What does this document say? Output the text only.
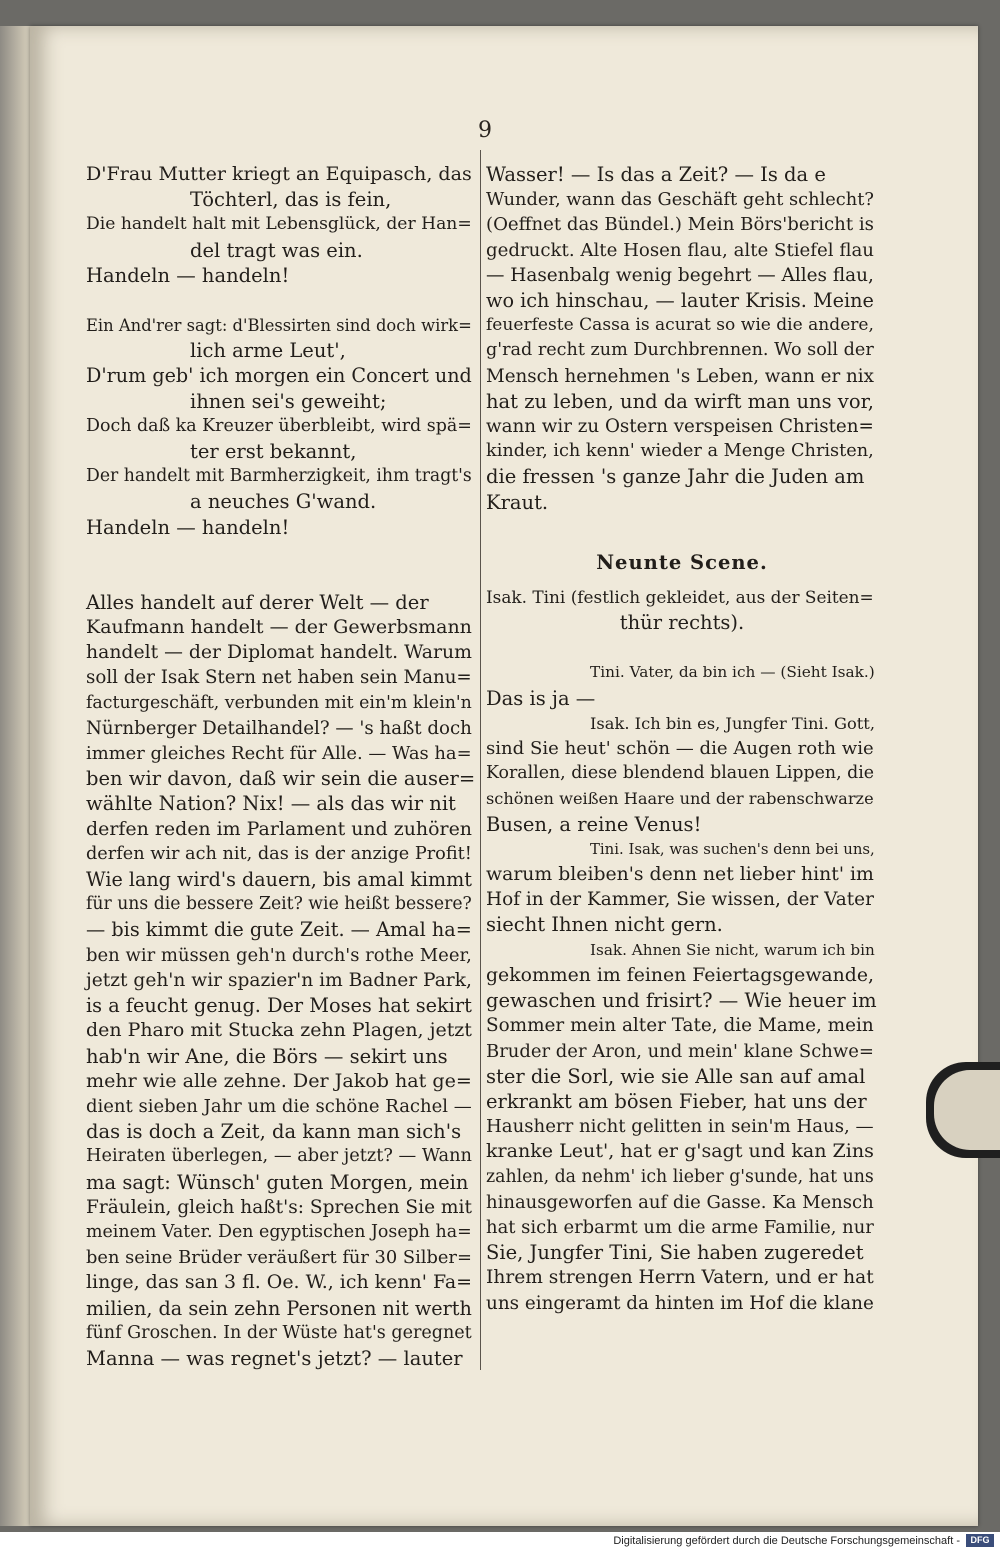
9
D'Frau Mutter kriegt an Equipasch, das
Töchterl, das is fein,
Die handelt halt mit Lebensglück, der Han=
del tragt was ein.
Handeln — handeln!
Ein And'rer sagt: d'Blessirten sind doch wirk=
lich arme Leut',
D'rum geb' ich morgen ein Concert und
ihnen sei's geweiht;
Doch daß ka Kreuzer überbleibt, wird spä=
ter erst bekannt,
Der handelt mit Barmherzigkeit, ihm tragt's
a neuches G'wand.
Handeln — handeln!
Alles handelt auf derer Welt — der
Kaufmann handelt — der Gewerbsmann
handelt — der Diplomat handelt. Warum
soll der Isak Stern net haben sein Manu=
facturgeschäft, verbunden mit ein'm klein'n
Nürnberger Detailhandel? — 's haßt doch
immer gleiches Recht für Alle. — Was ha=
ben wir davon, daß wir sein die auser=
wählte Nation? Nix! — als das wir nit
derfen reden im Parlament und zuhören
derfen wir ach nit, das is der anzige Profit!
Wie lang wird's dauern, bis amal kimmt
für uns die bessere Zeit? wie heißt bessere?
— bis kimmt die gute Zeit. — Amal ha=
ben wir müssen geh'n durch's rothe Meer,
jetzt geh'n wir spazier'n im Badner Park,
is a feucht genug. Der Moses hat sekirt
den Pharo mit Stucka zehn Plagen, jetzt
hab'n wir Ane, die Börs — sekirt uns
mehr wie alle zehne. Der Jakob hat ge=
dient sieben Jahr um die schöne Rachel —
das is doch a Zeit, da kann man sich's
Heiraten überlegen, — aber jetzt? — Wann
ma sagt: Wünsch' guten Morgen, mein
Fräulein, gleich haßt's: Sprechen Sie mit
meinem Vater. Den egyptischen Joseph ha=
ben seine Brüder veräußert für 30 Silber=
linge, das san 3 fl. Oe. W., ich kenn' Fa=
milien, da sein zehn Personen nit werth
fünf Groschen. In der Wüste hat's geregnet
Manna — was regnet's jetzt? — lauter
Wasser! — Is das a Zeit? — Is da e
Wunder, wann das Geschäft geht schlecht?
(Oeffnet das Bündel.) Mein Börs'bericht is
gedruckt. Alte Hosen flau, alte Stiefel flau
— Hasenbalg wenig begehrt — Alles flau,
wo ich hinschau, — lauter Krisis. Meine
feuerfeste Cassa is acurat so wie die andere,
g'rad recht zum Durchbrennen. Wo soll der
Mensch hernehmen 's Leben, wann er nix
hat zu leben, und da wirft man uns vor,
wann wir zu Ostern verspeisen Christen=
kinder, ich kenn' wieder a Menge Christen,
die fressen 's ganze Jahr die Juden am
Kraut.
Neunte Scene.
Isak. Tini (festlich gekleidet, aus der Seiten=
thür rechts).
Tini. Vater, da bin ich — (Sieht Isak.)
Das is ja —
Isak. Ich bin es, Jungfer Tini. Gott,
sind Sie heut' schön — die Augen roth wie
Korallen, diese blendend blauen Lippen, die
schönen weißen Haare und der rabenschwarze
Busen, a reine Venus!
Tini. Isak, was suchen's denn bei uns,
warum bleiben's denn net lieber hint' im
Hof in der Kammer, Sie wissen, der Vater
siecht Ihnen nicht gern.
Isak. Ahnen Sie nicht, warum ich bin
gekommen im feinen Feiertagsgewande,
gewaschen und frisirt? — Wie heuer im
Sommer mein alter Tate, die Mame, mein
Bruder der Aron, und mein' klane Schwe=
ster die Sorl, wie sie Alle san auf amal
erkrankt am bösen Fieber, hat uns der
Hausherr nicht gelitten in sein'm Haus, —
kranke Leut', hat er g'sagt und kan Zins
zahlen, da nehm' ich lieber g'sunde, hat uns
hinausgeworfen auf die Gasse. Ka Mensch
hat sich erbarmt um die arme Familie, nur
Sie, Jungfer Tini, Sie haben zugeredet
Ihrem strengen Herrn Vatern, und er hat
uns eingeramt da hinten im Hof die klane
Digitalisierung gefördert durch die Deutsche Forschungsgemeinschaft -	DFG
